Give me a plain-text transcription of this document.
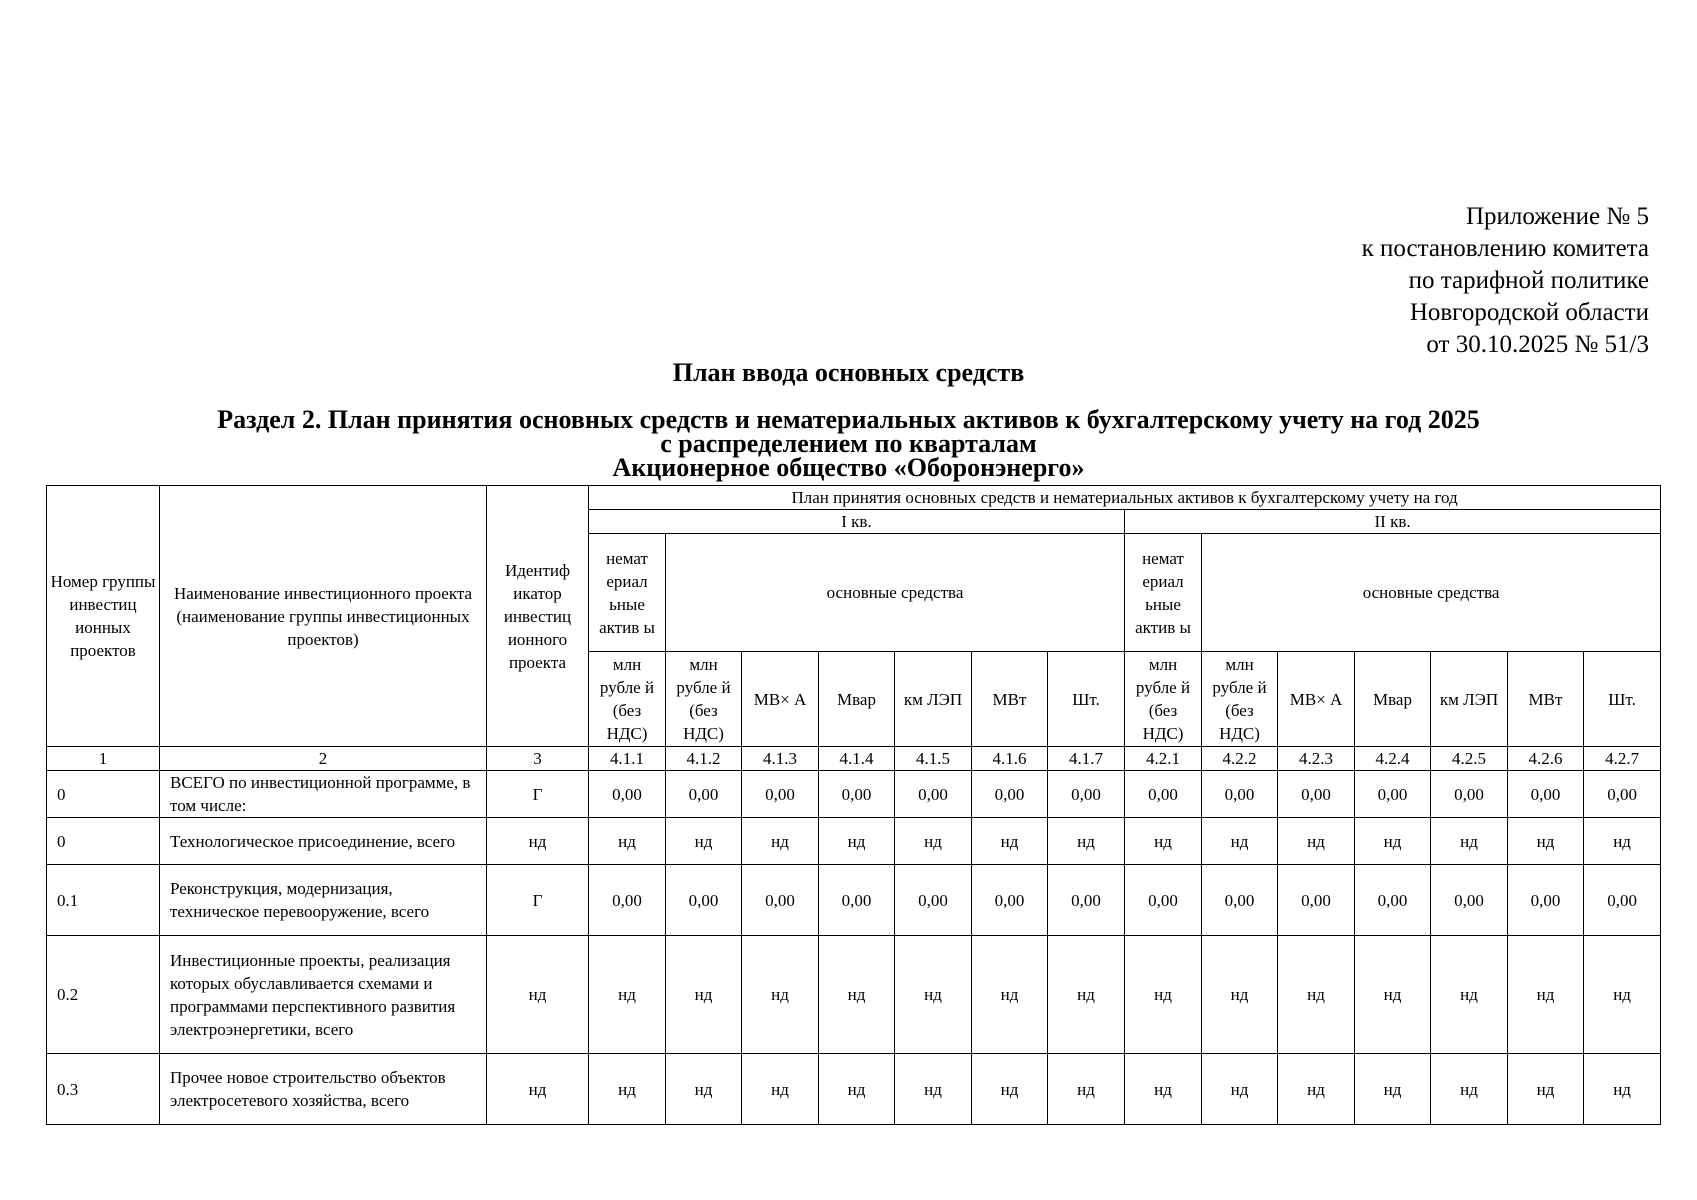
Приложение № 5
к постановлению комитета
по тарифной политике
Новгородской области
от 30.10.2025 № 51/3
План ввода основных средств
Раздел 2. План принятия основных средств и нематериальных активов к бухгалтерскому учету на год 2025
с распределением по кварталам
Акционерное общество «Оборонэнерго»
Номер группы инвестиц ионных проектов	Наименование инвестиционного проекта (наименование группы инвестиционных проектов)	Идентиф икатор инвестиц ионного проекта	План принятия основных средств и нематериальных активов к бухгалтерскому учету на год													
			I кв.							II кв.						
			немат ериал ьные актив ы	основные средства						немат ериал ьные актив ы	основные средства					
			млн рубле й (без НДС)	млн рубле й (без НДС)	МВ× А	Мвар	км ЛЭП	МВт	Шт.	млн рубле й (без НДС)	млн рубле й (без НДС)	МВ× А	Мвар	км ЛЭП	МВт	Шт.
1	2	3	4.1.1	4.1.2	4.1.3	4.1.4	4.1.5	4.1.6	4.1.7	4.2.1	4.2.2	4.2.3	4.2.4	4.2.5	4.2.6	4.2.7
0	ВСЕГО по инвестиционной программе, в том числе:	Г	0,00	0,00	0,00	0,00	0,00	0,00	0,00	0,00	0,00	0,00	0,00	0,00	0,00	0,00
0	Технологическое присоединение, всего	нд	нд	нд	нд	нд	нд	нд	нд	нд	нд	нд	нд	нд	нд	нд
0.1	Реконструкция, модернизация, техническое перевооружение, всего	Г	0,00	0,00	0,00	0,00	0,00	0,00	0,00	0,00	0,00	0,00	0,00	0,00	0,00	0,00
0.2	Инвестиционные проекты, реализация которых обуславливается схемами и программами перспективного развития электроэнергетики, всего	нд	нд	нд	нд	нд	нд	нд	нд	нд	нд	нд	нд	нд	нд	нд
0.3	Прочее новое строительство объектов электросетевого хозяйства, всего	нд	нд	нд	нд	нд	нд	нд	нд	нд	нд	нд	нд	нд	нд	нд
